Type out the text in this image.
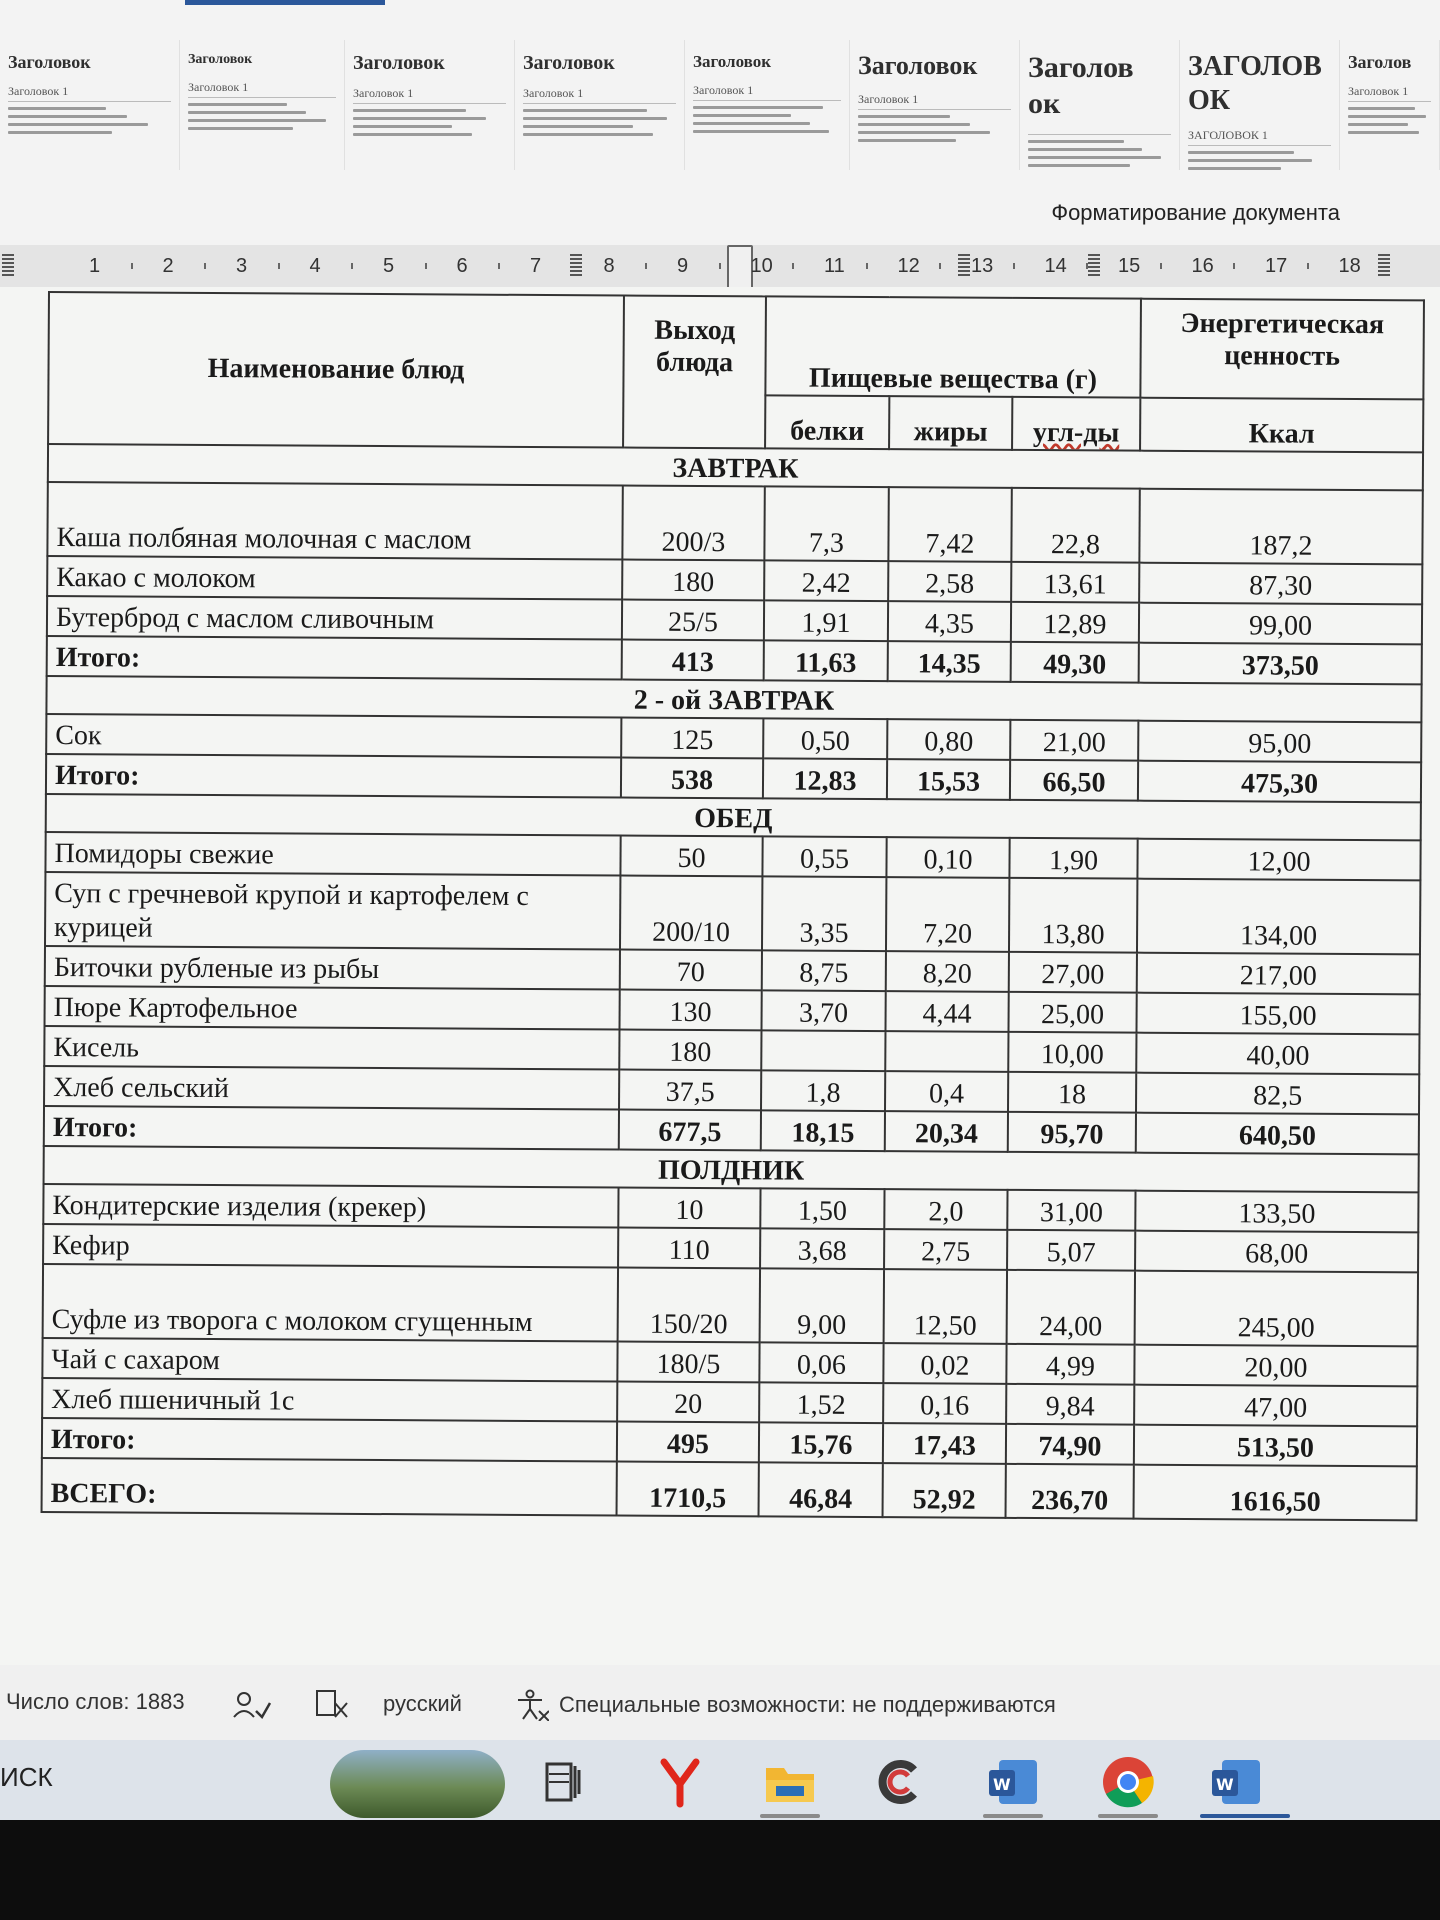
Заголовок
Заголовок 1
Заголовок
Заголовок 1
Заголовок
Заголовок 1
Заголовок
Заголовок 1
Заголовок
Заголовок 1
Заголовок
Заголовок 1
Заголов ок
ЗАГОЛОВ ОК
ЗАГОЛОВОК 1
Заголов
Заголовок 1
Форматирование документа
1	2	3	4	5	6	7	8	9	10	11	12	13	14	15	16	17	18
Наименование блюд	Выход блюда	Пищевые вещества (г)			Энергетическая ценность
		белки	жиры	угл-ды	Ккал
ЗАВТРАК					
Каша полбяная молочная с маслом	200/3	7,3	7,42	22,8	187,2
Какао с молоком	180	2,42	2,58	13,61	87,30
Бутерброд с маслом сливочным	25/5	1,91	4,35	12,89	99,00
Итого:	413	11,63	14,35	49,30	373,50
2 - ой ЗАВТРАК					
Сок	125	0,50	0,80	21,00	95,00
Итого:	538	12,83	15,53	66,50	475,30
ОБЕД					
Помидоры свежие	50	0,55	0,10	1,90	12,00
Суп с гречневой крупой и картофелем с курицей	200/10	3,35	7,20	13,80	134,00
Биточки рубленые из рыбы	70	8,75	8,20	27,00	217,00
Пюре Картофельное	130	3,70	4,44	25,00	155,00
Кисель	180			10,00	40,00
Хлеб сельский	37,5	1,8	0,4	18	82,5
Итого:	677,5	18,15	20,34	95,70	640,50
ПОЛДНИК					
Кондитерские изделия (крекер)	10	1,50	2,0	31,00	133,50
Кефир	110	3,68	2,75	5,07	68,00
Суфле из творога с молоком сгущенным	150/20	9,00	12,50	24,00	245,00
Чай с сахаром	180/5	0,06	0,02	4,99	20,00
Хлеб пшеничный 1с	20	1,52	0,16	9,84	47,00
Итого:	495	15,76	17,43	74,90	513,50
ВСЕГО:	1710,5	46,84	52,92	236,70	1616,50
Число слов: 1883	русский	Специальные возможности: не поддерживаются
ИСК	W	W
